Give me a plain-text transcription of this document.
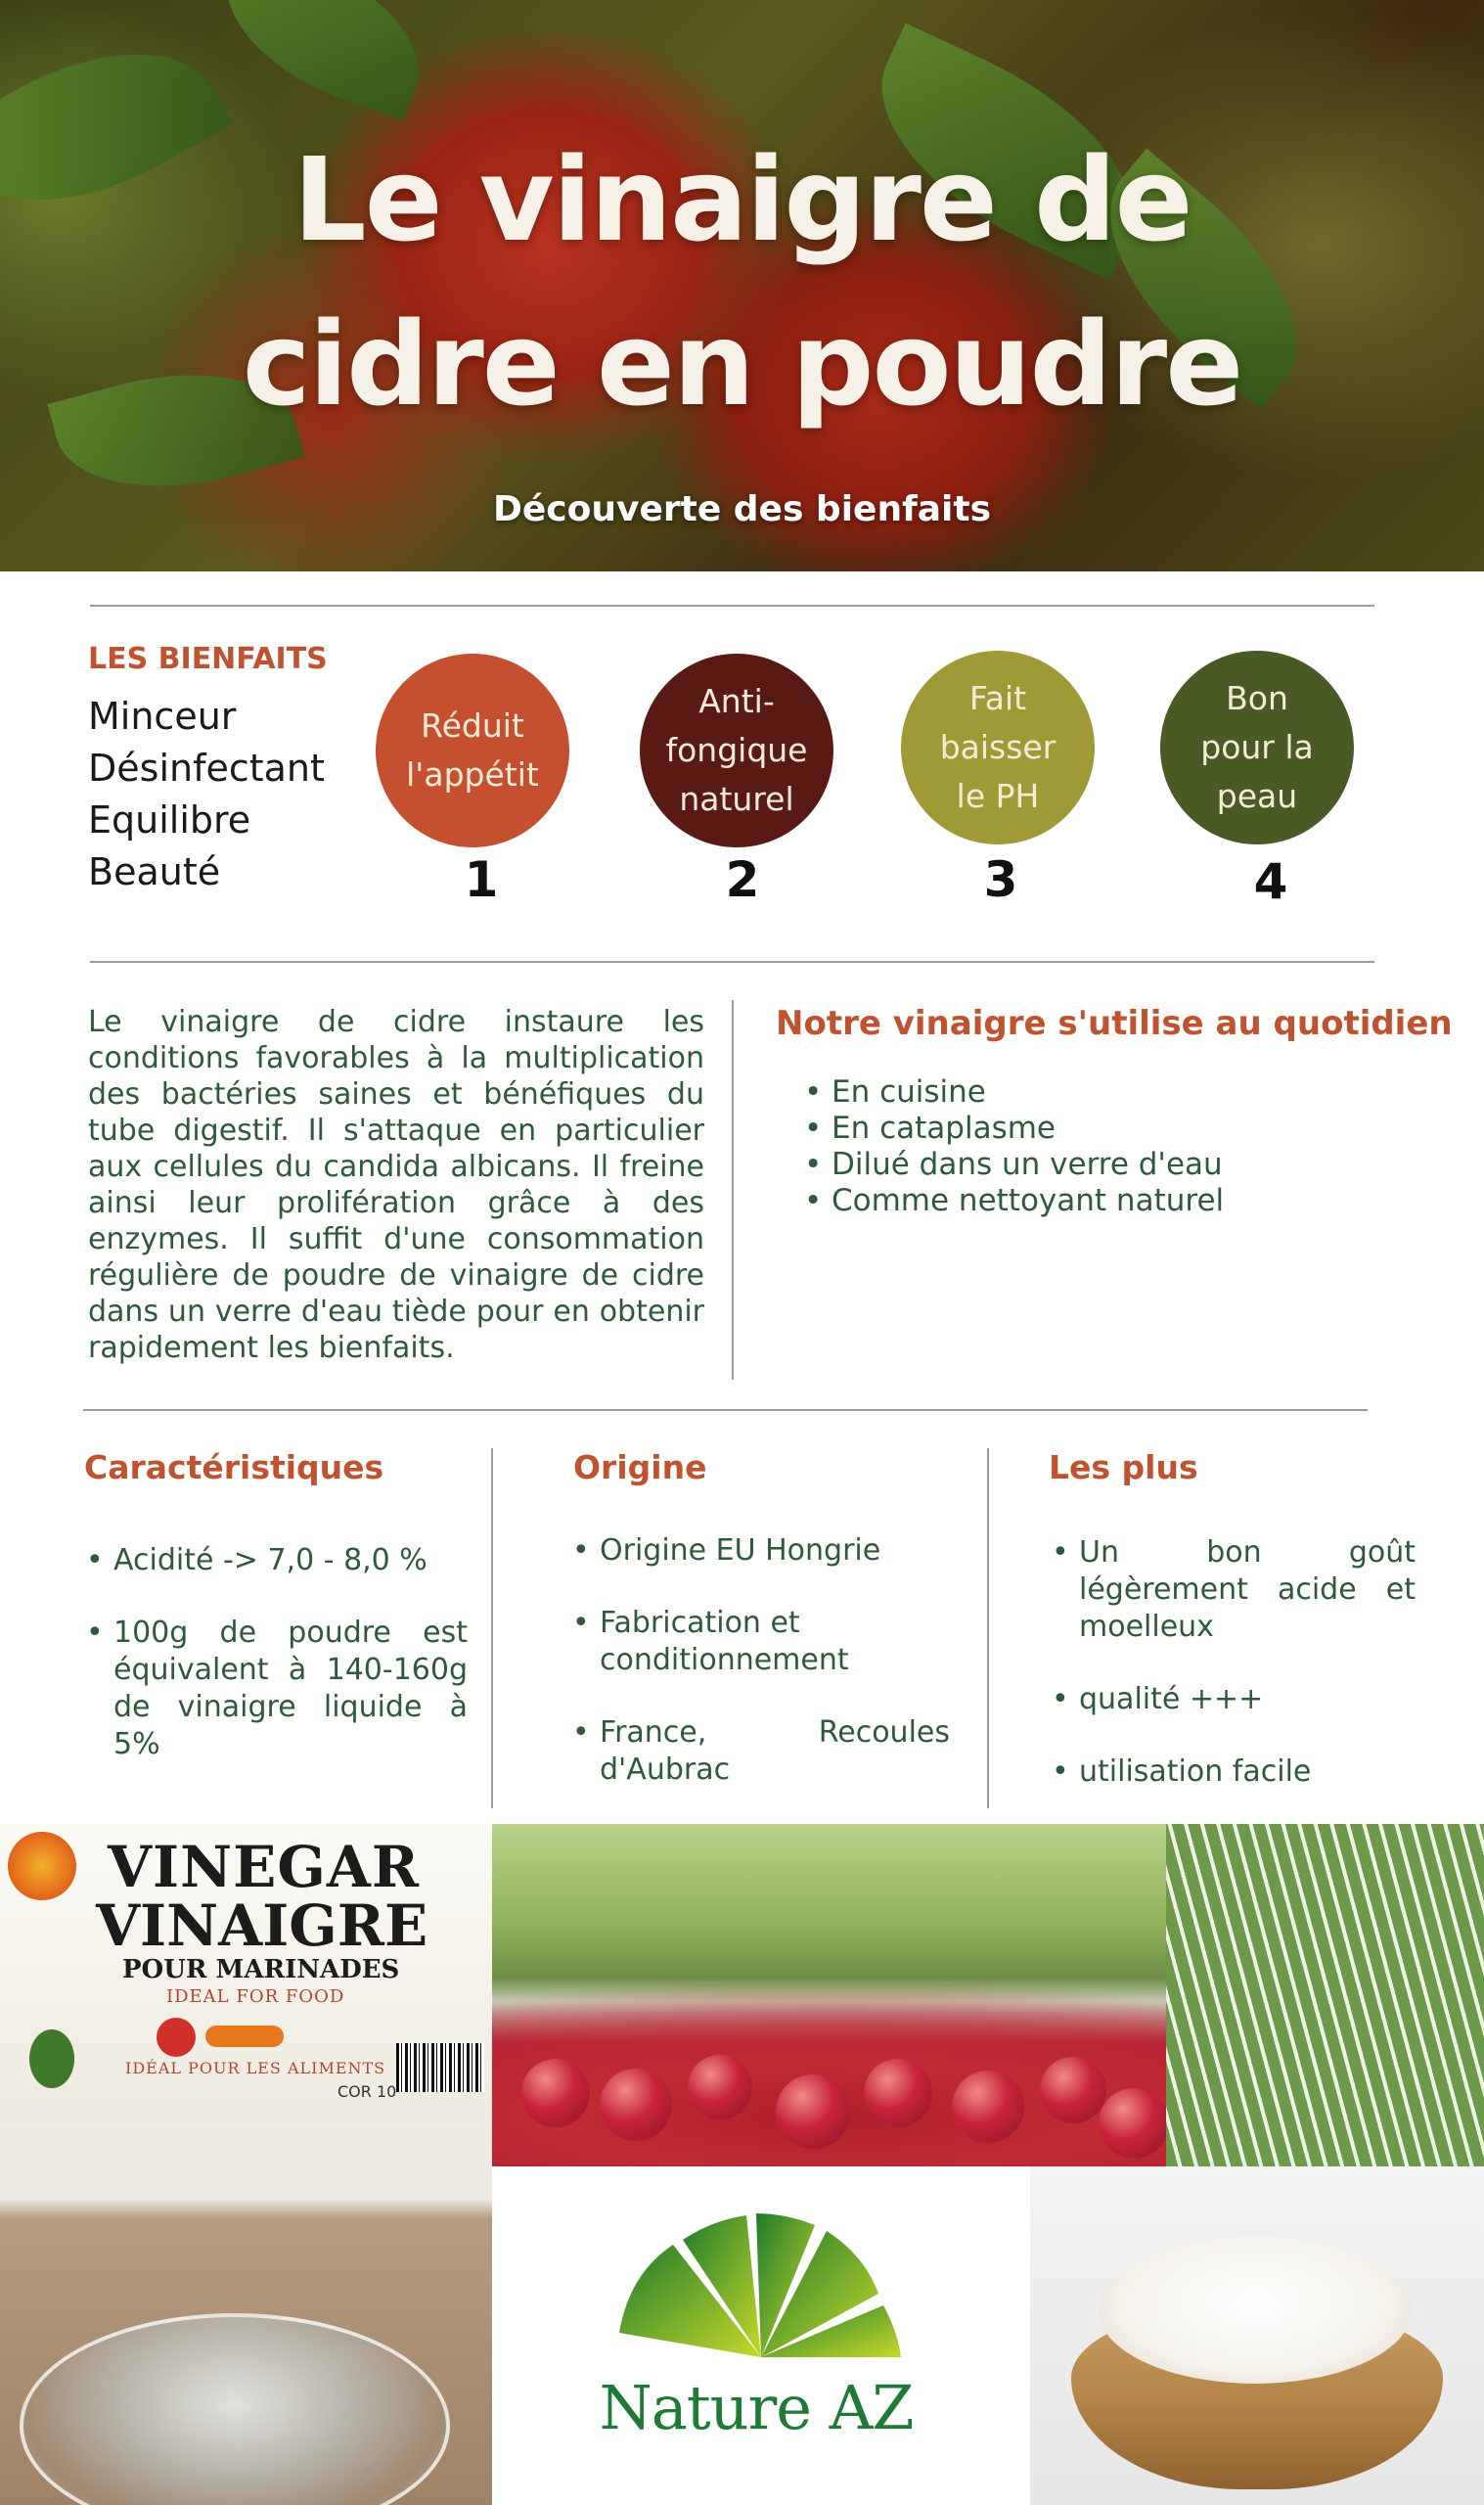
Le vinaigre de
cidre en poudre
Découverte des bienfaits
LES BIENFAITS
Minceur
Désinfectant
Equilibre
Beauté
Réduit
l'appétit
1
Anti-
fongique
naturel
2
Fait
baisser
le PH
3
Bon
pour la
peau
4

Le vinaigre de cidre instaure les conditions favorables à la multiplication des bactéries saines et bénéfiques du tube digestif. Il s'attaque en particulier aux cellules du candida albicans. Il freine ainsi leur prolifération grâce à des enzymes. Il suffit d'une consommation régulière de poudre de vinaigre de cidre dans un verre d'eau tiède pour en obtenir rapidement les bienfaits.

Notre vinaigre s'utilise au quotidien
• En cuisine
• En cataplasme
• Dilué dans un verre d'eau
• Comme nettoyant naturel
Caractéristiques
• Acidité -> 7,0 - 8,0 %
• 100g de poudre est équivalent à 140-160g de vinaigre liquide à 5%
Origine
• Origine EU Hongrie
• Fabrication et conditionnement
• France, Recoules d'Aubrac
Les plus
• Un bon goût légèrement acide et moelleux
• qualité +++
• utilisation facile
VINEGAR
VINAIGRE
POUR MARINADES
IDEAL FOR FOOD
IDÉAL POUR LES ALIMENTS
COR 10
Nature AZ
